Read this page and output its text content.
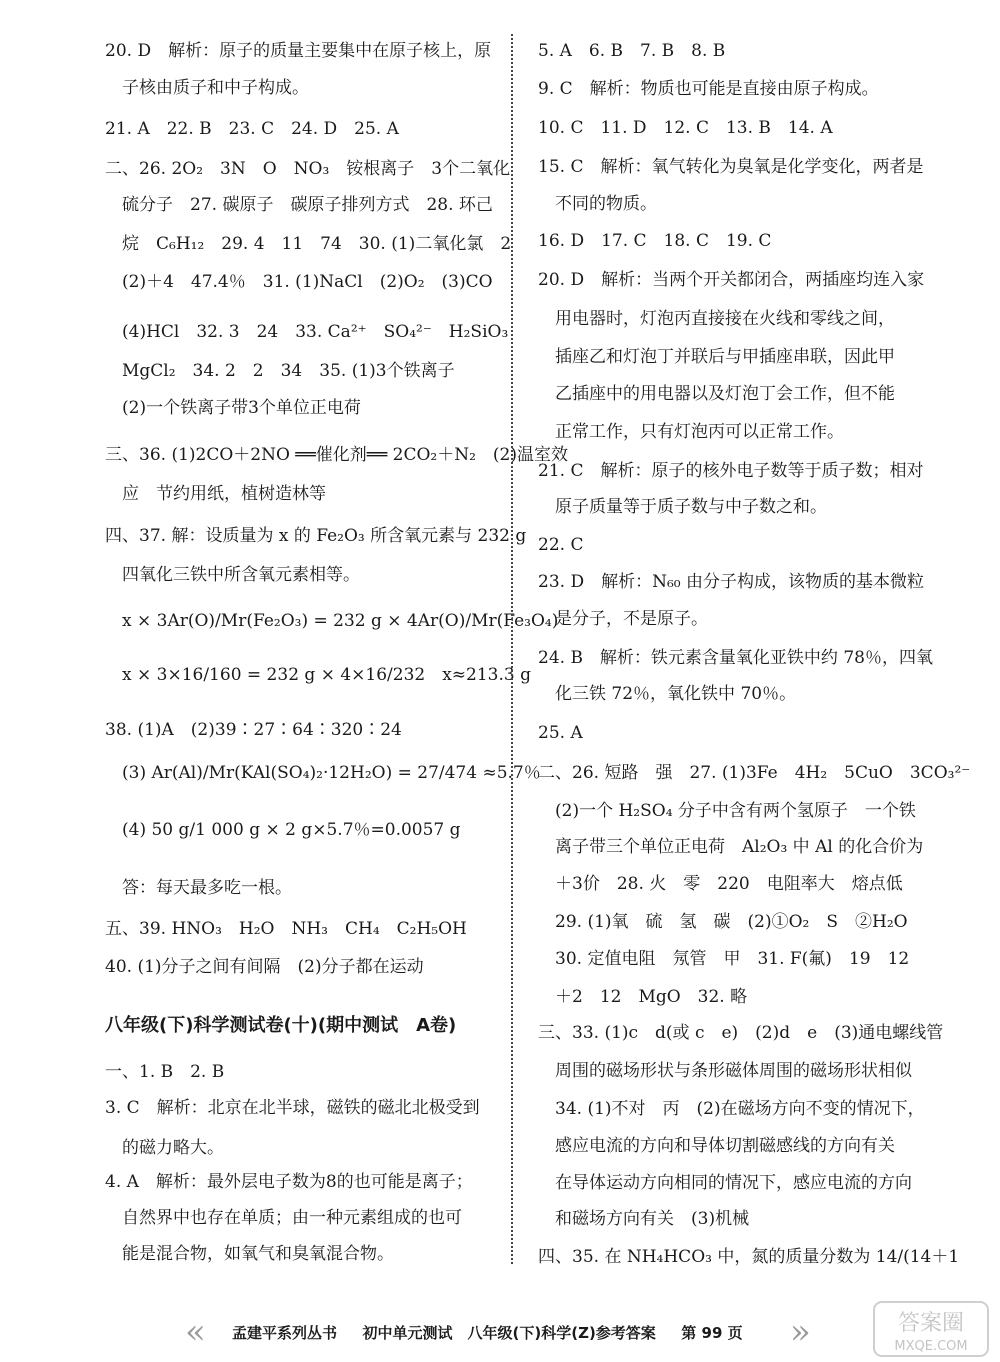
20. D　解析：原子的质量主要集中在原子核上，原
　子核由质子和中子构成。
21. A　22. B　23. C　24. D　25. A
二、26. 2O₂　3N　O　NO₃　铵根离子　3个二氧化
　硫分子　27. 碳原子　碳原子排列方式　28. 环己
　烷　C₆H₁₂　29. 4　11　74　30. (1)二氧化氯　2
　(2)＋4　47.4％　31. (1)NaCl　(2)O₂　(3)CO
　(4)HCl　32. 3　24　33. Ca²⁺　SO₄²⁻　H₂SiO₃
　MgCl₂　34. 2　2　34　35. (1)3个铁离子
　(2)一个铁离子带3个单位正电荷
三、36. (1)2CO＋2NO ══催化剂══ 2CO₂＋N₂　(2)温室效
　应　节约用纸，植树造林等
四、37. 解：设质量为 x 的 Fe₂O₃ 所含氧元素与 232 g
　四氧化三铁中所含氧元素相等。
　x × 3Ar(O)/Mr(Fe₂O₃) = 232 g × 4Ar(O)/Mr(Fe₃O₄)
　x × 3×16/160 = 232 g × 4×16/232　x≈213.3 g
38. (1)A　(2)39∶27∶64∶320∶24
　(3) Ar(Al)/Mr(KAl(SO₄)₂·12H₂O) = 27/474 ≈5.7％
　(4) 50 g/1 000 g × 2 g×5.7％=0.0057 g
　答：每天最多吃一根。
五、39. HNO₃　H₂O　NH₃　CH₄　C₂H₅OH
40. (1)分子之间有间隔　(2)分子都在运动
一、1. B　2. B
3. C　解析：北京在北半球，磁铁的磁北北极受到
　的磁力略大。
4. A　解析：最外层电子数为8的也可能是离子；
　自然界中也存在单质；由一种元素组成的也可
　能是混合物，如氧气和臭氧混合物。
5. A　6. B　7. B　8. B
9. C　解析：物质也可能是直接由原子构成。
10. C　11. D　12. C　13. B　14. A
15. C　解析：氧气转化为臭氧是化学变化，两者是
　不同的物质。
16. D　17. C　18. C　19. C
20. D　解析：当两个开关都闭合，两插座均连入家
　用电器时，灯泡丙直接接在火线和零线之间，
　插座乙和灯泡丁并联后与甲插座串联，因此甲
　乙插座中的用电器以及灯泡丁会工作，但不能
　正常工作，只有灯泡丙可以正常工作。
21. C　解析：原子的核外电子数等于质子数；相对
　原子质量等于质子数与中子数之和。
22. C
23. D　解析：N₆₀ 由分子构成，该物质的基本微粒
　是分子，不是原子。
24. B　解析：铁元素含量氧化亚铁中约 78％，四氧
　化三铁 72％，氧化铁中 70％。
25. A
二、26. 短路　强　27. (1)3Fe　4H₂　5CuO　3CO₃²⁻
　(2)一个 H₂SO₄ 分子中含有两个氢原子　一个铁
　离子带三个单位正电荷　Al₂O₃ 中 Al 的化合价为
　＋3价　28. 火　零　220　电阻率大　熔点低
　29. (1)氧　硫　氢　碳　(2)①O₂　S　②H₂O
　30. 定值电阻　氖管　甲　31. F(氟)　19　12
　＋2　12　MgO　32. 略
三、33. (1)c　d(或 c　e)　(2)d　e　(3)通电螺线管
　周围的磁场形状与条形磁体周围的磁场形状相似
　34. (1)不对　丙　(2)在磁场方向不变的情况下，
　感应电流的方向和导体切割磁感线的方向有关
　在导体运动方向相同的情况下，感应电流的方向
　和磁场方向有关　(3)机械
四、35. 在 NH₄HCO₃ 中，氮的质量分数为 14/(14＋1
八年级(下)科学测试卷(十)(期中测试　A卷)
« 孟建平系列丛书 　 初中单元测试　八年级(下)科学(Z)参考答案 　 第 99 页 »	答案圈
MXQE.COM
